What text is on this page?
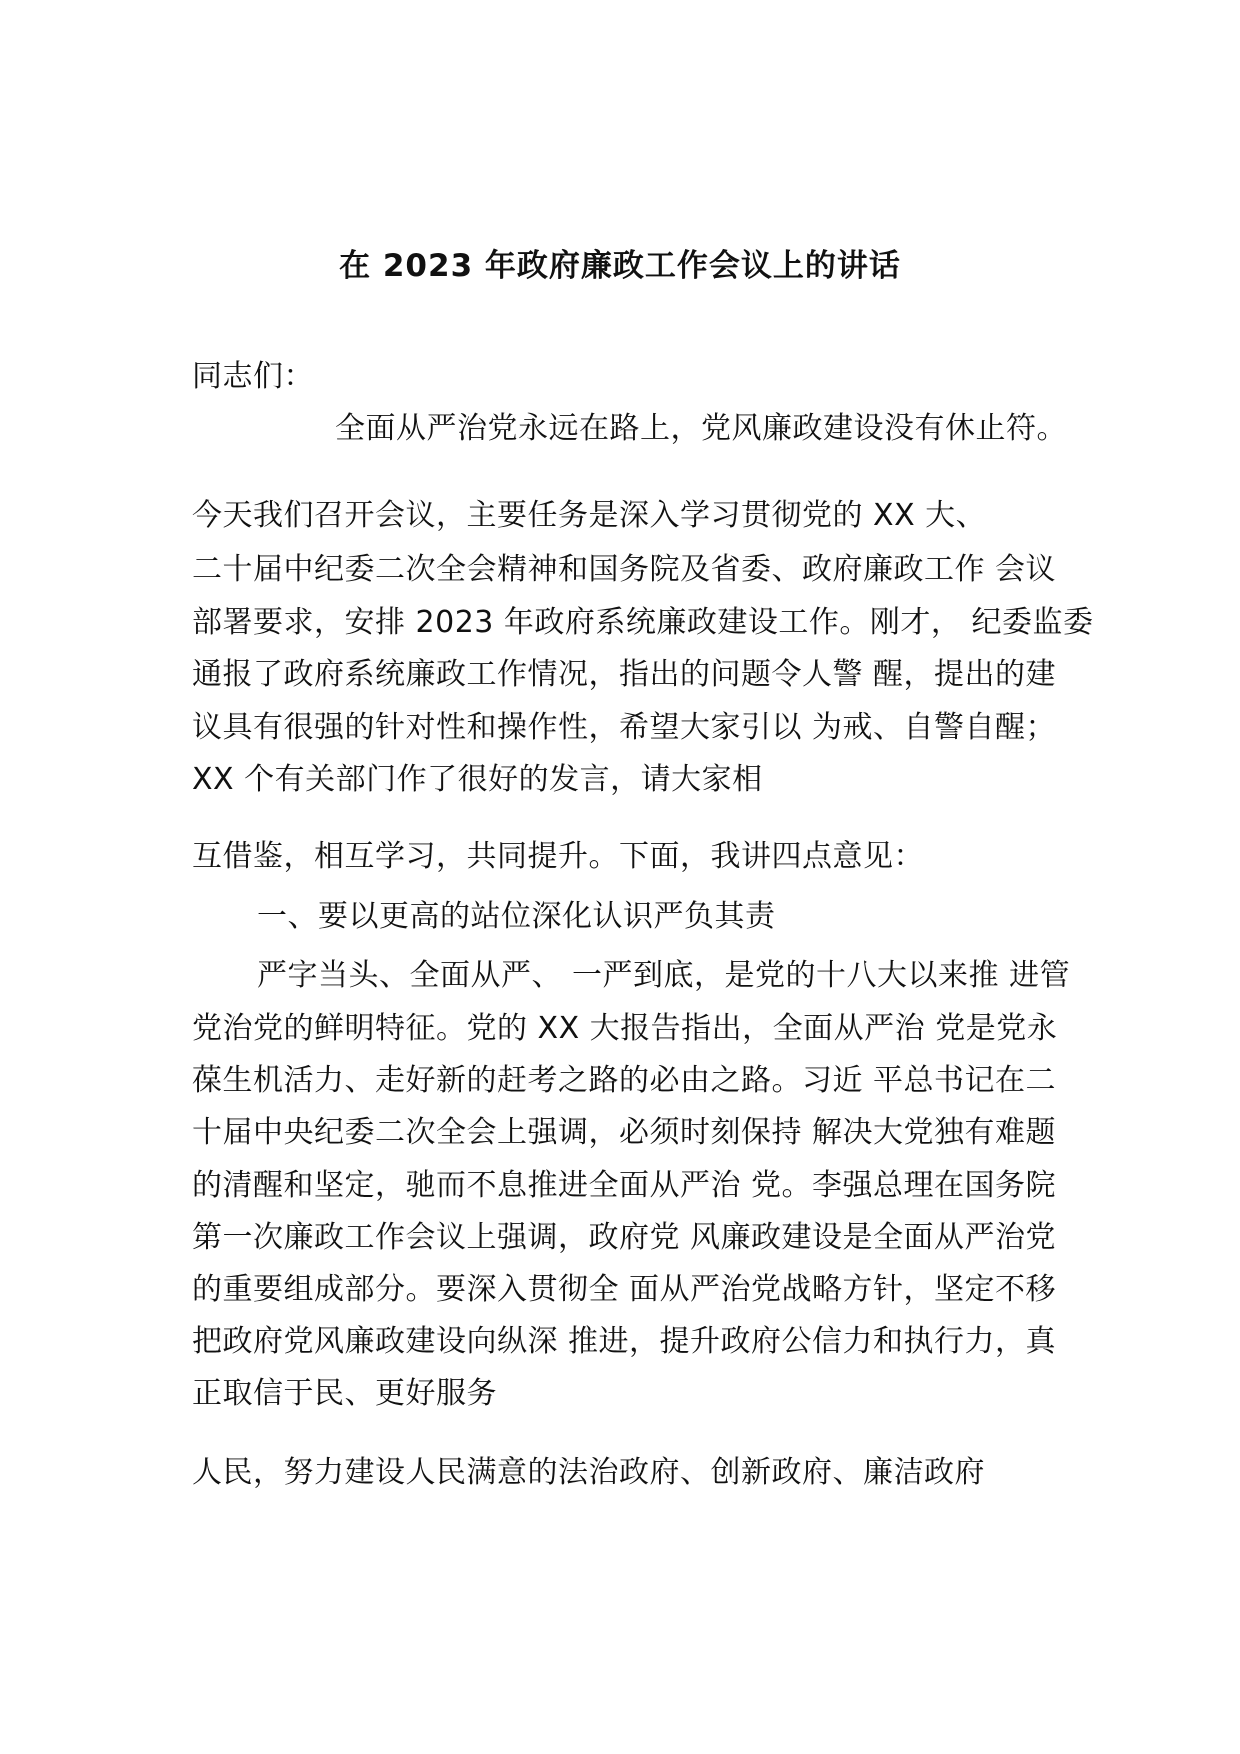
在 2023 年政府廉政工作会议上的讲话
同志们：
全面从严治党永远在路上，党风廉政建设没有休止符。
今天我们召开会议，主要任务是深入学习贯彻党的 XX 大、
二十届中纪委二次全会精神和国务院及省委、政府廉政工作 会议
部署要求，安排 2023 年政府系统廉政建设工作。刚才， 纪委监委
通报了政府系统廉政工作情况，指出的问题令人警 醒，提出的建
议具有很强的针对性和操作性，希望大家引以 为戒、自警自醒；
XX 个有关部门作了很好的发言，请大家相
互借鉴，相互学习，共同提升。下面，我讲四点意见：
一、要以更高的站位深化认识严负其责
严字当头、全面从严、 一严到底，是党的十八大以来推 进管
党治党的鲜明特征。党的 XX 大报告指出，全面从严治 党是党永
葆生机活力、走好新的赶考之路的必由之路。习近 平总书记在二
十届中央纪委二次全会上强调，必须时刻保持 解决大党独有难题
的清醒和坚定，驰而不息推进全面从严治 党。李强总理在国务院
第一次廉政工作会议上强调，政府党 风廉政建设是全面从严治党
的重要组成部分。要深入贯彻全 面从严治党战略方针，坚定不移
把政府党风廉政建设向纵深 推进，提升政府公信力和执行力，真
正取信于民、更好服务
人民，努力建设人民满意的法治政府、创新政府、廉洁政府
